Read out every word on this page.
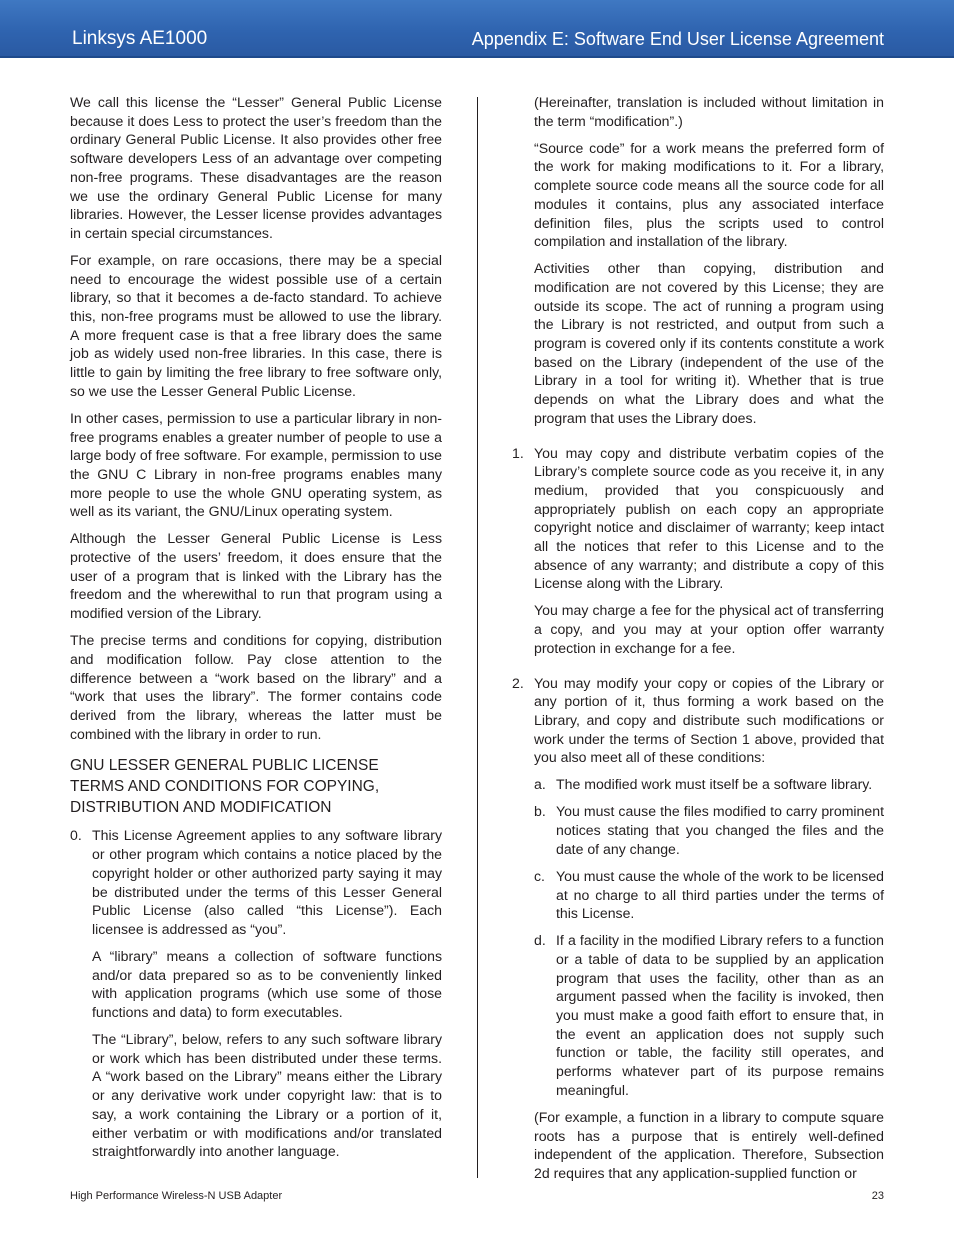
Linksys AE1000	Appendix E: Software End User License Agreement

We call this license the “Lesser” General Public License because it does Less to protect the user’s freedom than the ordinary General Public License. It also provides other free software developers Less of an advantage over competing non-free programs. These disadvantages are the reason we use the ordinary General Public License for many libraries. However, the Lesser license provides advantages in certain special circumstances.

For example, on rare occasions, there may be a special need to encourage the widest possible use of a certain library, so that it becomes a de-facto standard. To achieve this, non-free programs must be allowed to use the library. A more frequent case is that a free library does the same job as widely used non-free libraries. In this case, there is little to gain by limiting the free library to free software only, so we use the Lesser General Public License.

In other cases, permission to use a particular library in non-free programs enables a greater number of people to use a large body of free software. For example, permission to use the GNU C Library in non-free programs enables many more people to use the whole GNU operating system, as well as its variant, the GNU/Linux operating system.

Although the Lesser General Public License is Less protective of the users’ freedom, it does ensure that the user of a program that is linked with the Library has the freedom and the wherewithal to run that program using a modified version of the Library.

The precise terms and conditions for copying, distribution and modification follow. Pay close attention to the difference between a “work based on the library” and a “work that uses the library”. The former contains code derived from the library, whereas the latter must be combined with the library in order to run.

GNU LESSER GENERAL PUBLIC LICENSE
TERMS AND CONDITIONS FOR COPYING,
DISTRIBUTION AND MODIFICATION
0. This License Agreement applies to any software library or other program which contains a notice placed by the copyright holder or other authorized party saying it may be distributed under the terms of this Lesser General Public License (also called “this License”). Each licensee is addressed as “you”.

A “library” means a collection of software functions and/or data prepared so as to be conveniently linked with application programs (which use some of those functions and data) to form executables.

The “Library”, below, refers to any such software library or work which has been distributed under these terms. A “work based on the Library” means either the Library or any derivative work under copyright law: that is to say, a work containing the Library or a portion of it, either verbatim or with modifications and/or translated straightforwardly into another language.

(Hereinafter, translation is included without limitation in the term “modification”.)

“Source code” for a work means the preferred form of the work for making modifications to it. For a library, complete source code means all the source code for all modules it contains, plus any associated interface definition files, plus the scripts used to control compilation and installation of the library.

Activities other than copying, distribution and modification are not covered by this License; they are outside its scope. The act of running a program using the Library is not restricted, and output from such a program is covered only if its contents constitute a work based on the Library (independent of the use of the Library in a tool for writing it). Whether that is true depends on what the Library does and what the program that uses the Library does.

1. You may copy and distribute verbatim copies of the Library’s complete source code as you receive it, in any medium, provided that you conspicuously and appropriately publish on each copy an appropriate copyright notice and disclaimer of warranty; keep intact all the notices that refer to this License and to the absence of any warranty; and distribute a copy of this License along with the Library.

You may charge a fee for the physical act of transferring a copy, and you may at your option offer warranty protection in exchange for a fee.

2. You may modify your copy or copies of the Library or any portion of it, thus forming a work based on the Library, and copy and distribute such modifications or work under the terms of Section 1 above, provided that you also meet all of these conditions:

a. The modified work must itself be a software library.

b. You must cause the files modified to carry prominent notices stating that you changed the files and the date of any change.

c. You must cause the whole of the work to be licensed at no charge to all third parties under the terms of this License.

d. If a facility in the modified Library refers to a function or a table of data to be supplied by an application program that uses the facility, other than as an argument passed when the facility is invoked, then you must make a good faith effort to ensure that, in the event an application does not supply such function or table, the facility still operates, and performs whatever part of its purpose remains meaningful.

(For example, a function in a library to compute square roots has a purpose that is entirely well-defined independent of the application. Therefore, Subsection 2d requires that any application-supplied function or

High Performance Wireless-N USB Adapter	23
